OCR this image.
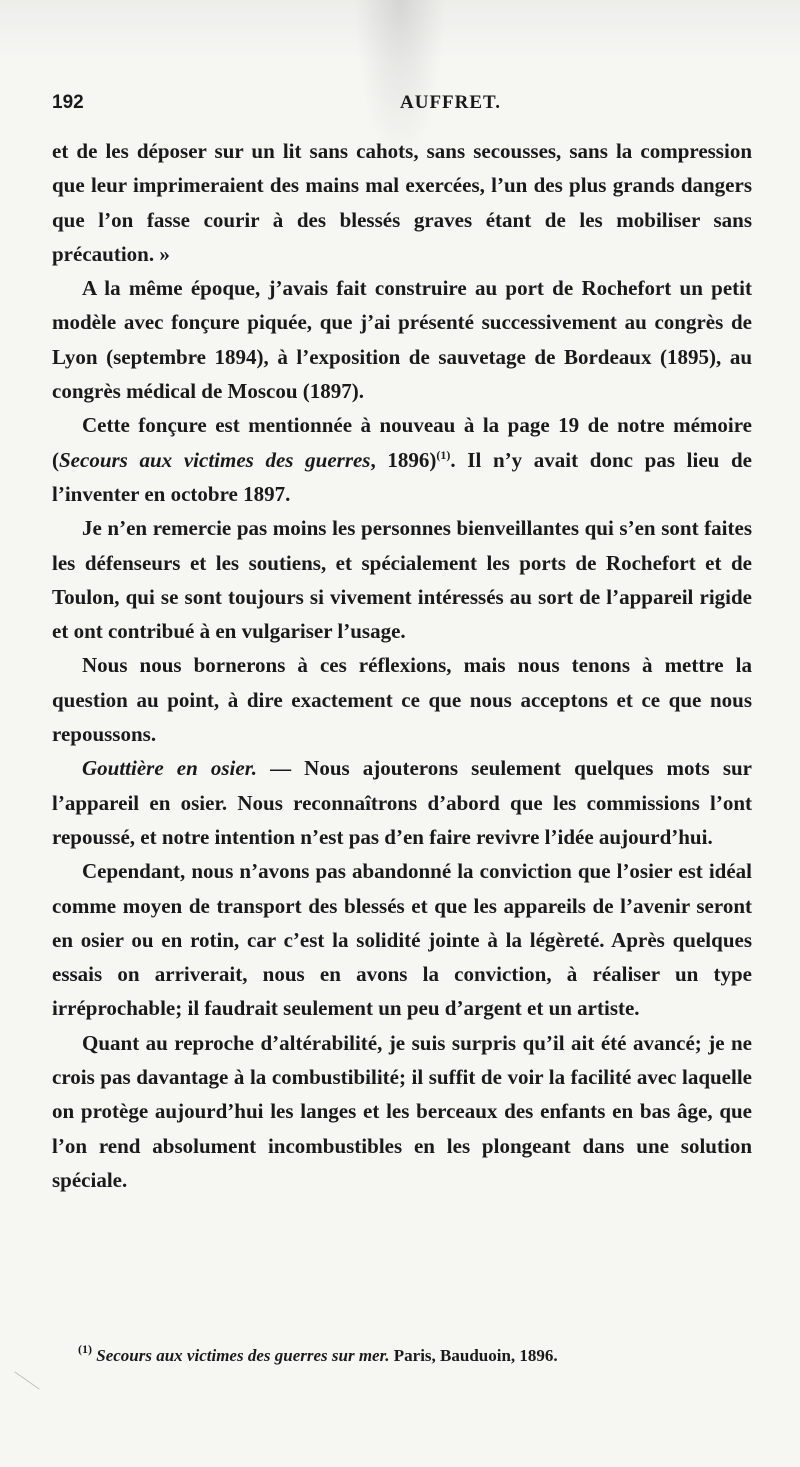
192	AUFFRET.

et de les déposer sur un lit sans cahots, sans secousses, sans la compression que leur imprimeraient des mains mal exercées, l’un des plus grands dangers que l’on fasse courir à des blessés graves étant de les mobiliser sans précaution. »

A la même époque, j’avais fait construire au port de Rochefort un petit modèle avec fonçure piquée, que j’ai présenté successivement au congrès de Lyon (septembre 1894), à l’exposition de sauvetage de Bordeaux (1895), au congrès médical de Moscou (1897).

Cette fonçure est mentionnée à nouveau à la page 19 de notre mémoire (Secours aux victimes des guerres, 1896)$^{(1)}$. Il n’y avait donc pas lieu de l’inventer en octobre 1897.

Je n’en remercie pas moins les personnes bienveillantes qui s’en sont faites les défenseurs et les soutiens, et spécialement les ports de Rochefort et de Toulon, qui se sont toujours si vivement intéressés au sort de l’appareil rigide et ont contribué à en vulgariser l’usage.

Nous nous bornerons à ces réflexions, mais nous tenons à mettre la question au point, à dire exactement ce que nous acceptons et ce que nous repoussons.

Gouttière en osier. — Nous ajouterons seulement quelques mots sur l’appareil en osier. Nous reconnaîtrons d’abord que les commissions l’ont repoussé, et notre intention n’est pas d’en faire revivre l’idée aujourd’hui.

Cependant, nous n’avons pas abandonné la conviction que l’osier est idéal comme moyen de transport des blessés et que les appareils de l’avenir seront en osier ou en rotin, car c’est la solidité jointe à la légèreté. Après quelques essais on arriverait, nous en avons la conviction, à réaliser un type irréprochable; il faudrait seulement un peu d’argent et un artiste.

Quant au reproche d’altérabilité, je suis surpris qu’il ait été avancé; je ne crois pas davantage à la combustibilité; il suffit de voir la facilité avec laquelle on protège aujourd’hui les langes et les berceaux des enfants en bas âge, que l’on rend absolument incombustibles en les plongeant dans une solution spéciale.

$^{(1)}$ Secours aux victimes des guerres sur mer. Paris, Bauduoin, 1896.
